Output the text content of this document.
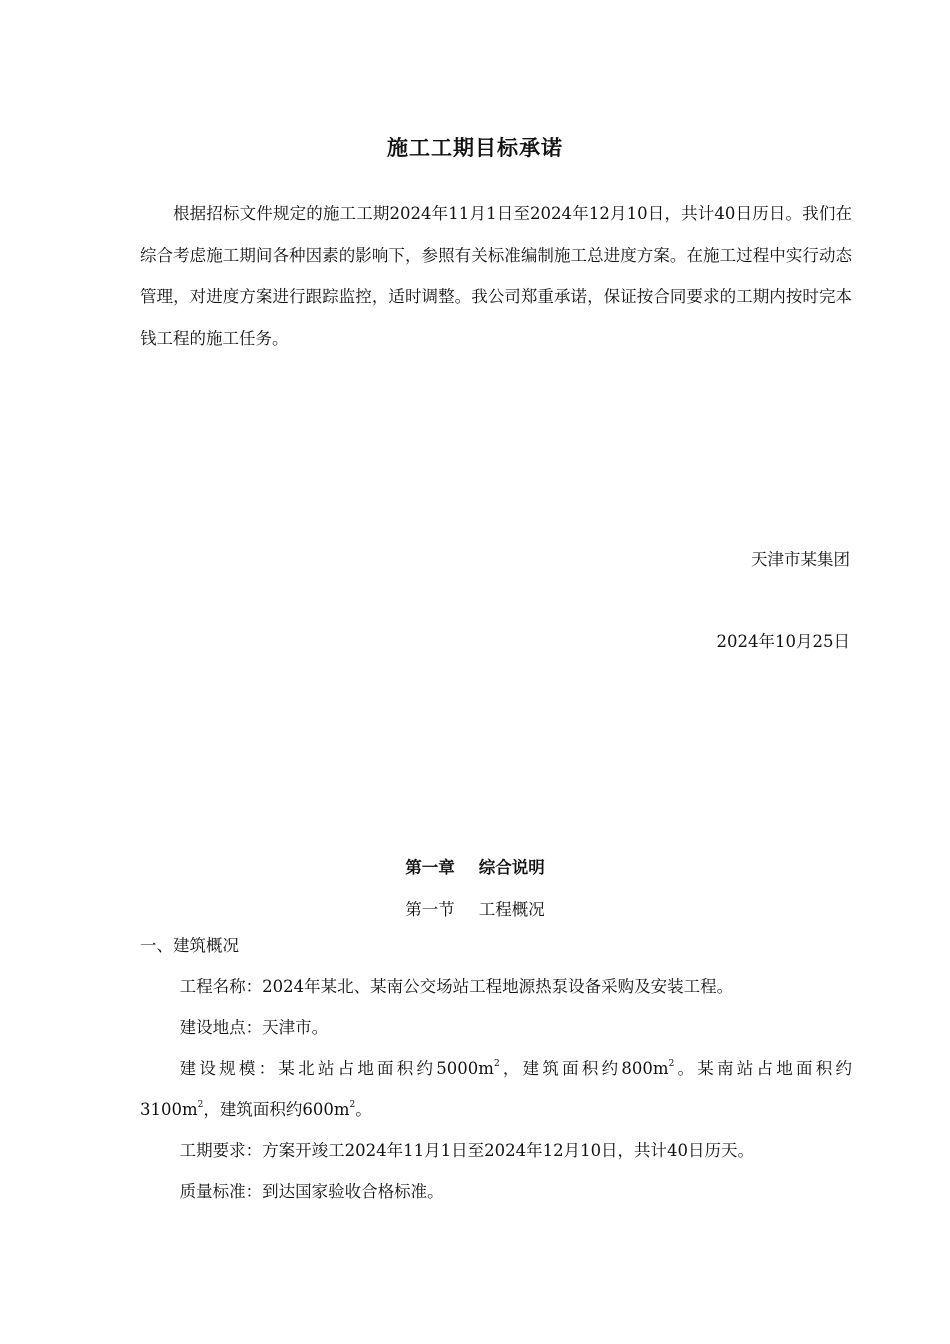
施工工期目标承诺

根据招标文件规定的施工工期2024年11月1日至2024年12月10日，共计40日历日。我们在综合考虑施工期间各种因素的影响下，参照有关标准编制施工总进度方案。在施工过程中实行动态管理，对进度方案进行跟踪监控，适时调整。我公司郑重承诺，保证按合同要求的工期内按时完本钱工程的施工任务。

天津市某集团
2024年10月25日
第一章 综合说明
第一节 工程概况
一、建筑概况
工程名称：2024年某北、某南公交场站工程地源热泵设备采购及安装工程。
建设地点：天津市。
建设规模：某北站占地面积约$5000m^2$，建筑面积约$800m^2$。某南站占地面积约
$3100m^2$，建筑面积约$600m^2$。
工期要求：方案开竣工2024年11月1日至2024年12月10日，共计40日历天。
质量标准：到达国家验收合格标准。
